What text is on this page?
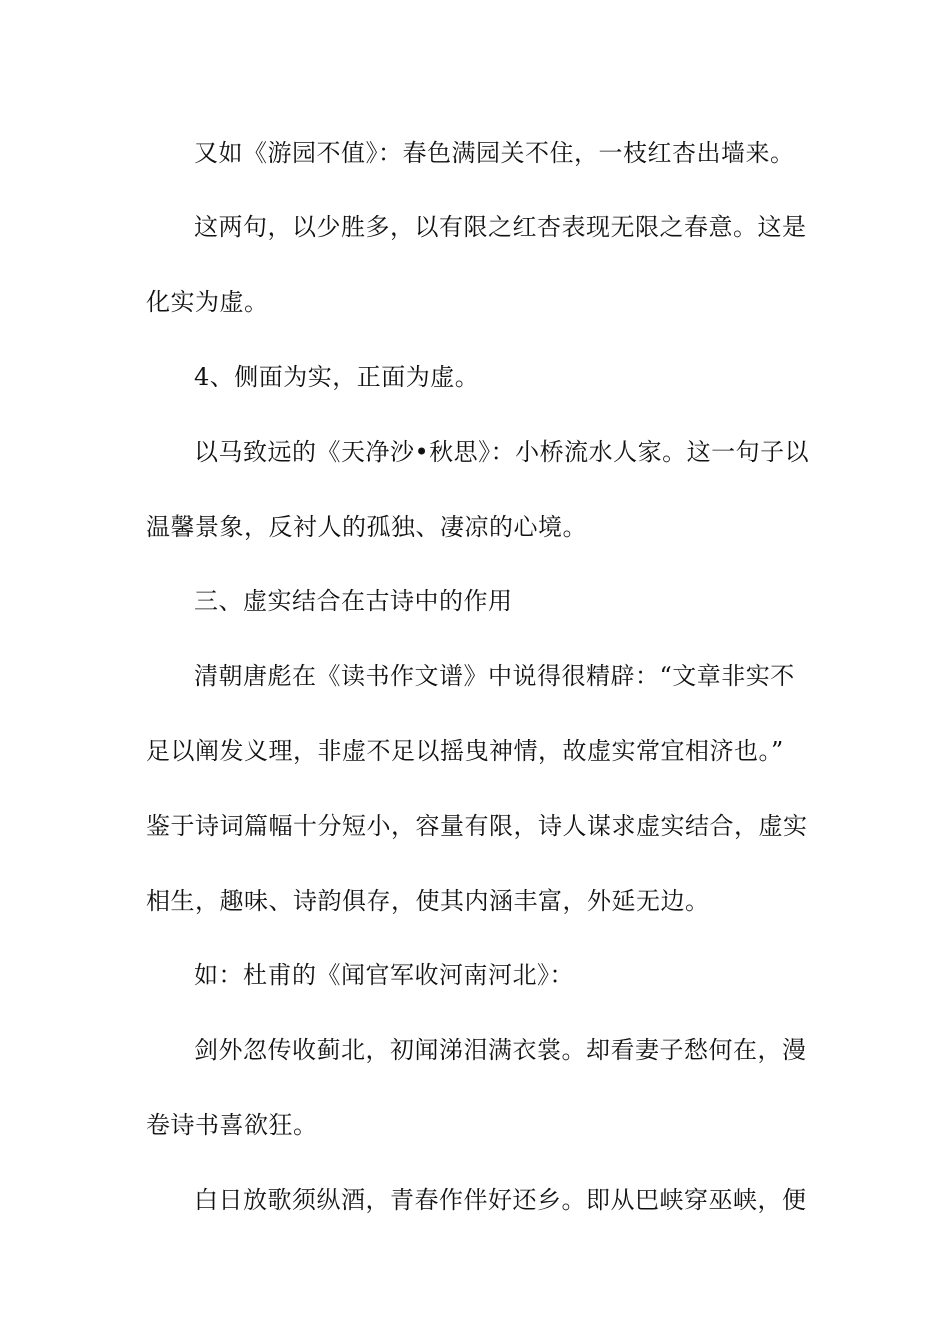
又如《游园不值》：春色满园关不住，一枝红杏出墙来。
这两句，以少胜多，以有限之红杏表现无限之春意。这是
化实为虚。
4、侧面为实，正面为虚。
以马致远的《天净沙•秋思》：小桥流水人家。这一句子以
温馨景象，反衬人的孤独、凄凉的心境。
三、虚实结合在古诗中的作用
清朝唐彪在《读书作文谱》中说得很精辟：“文章非实不
足以阐发义理，非虚不足以摇曳神情，故虚实常宜相济也。”
鉴于诗词篇幅十分短小，容量有限，诗人谋求虚实结合，虚实
相生，趣味、诗韵俱存，使其内涵丰富，外延无边。
如：杜甫的《闻官军收河南河北》：
剑外忽传收蓟北，初闻涕泪满衣裳。却看妻子愁何在，漫
卷诗书喜欲狂。
白日放歌须纵酒，青春作伴好还乡。即从巴峡穿巫峡，便
